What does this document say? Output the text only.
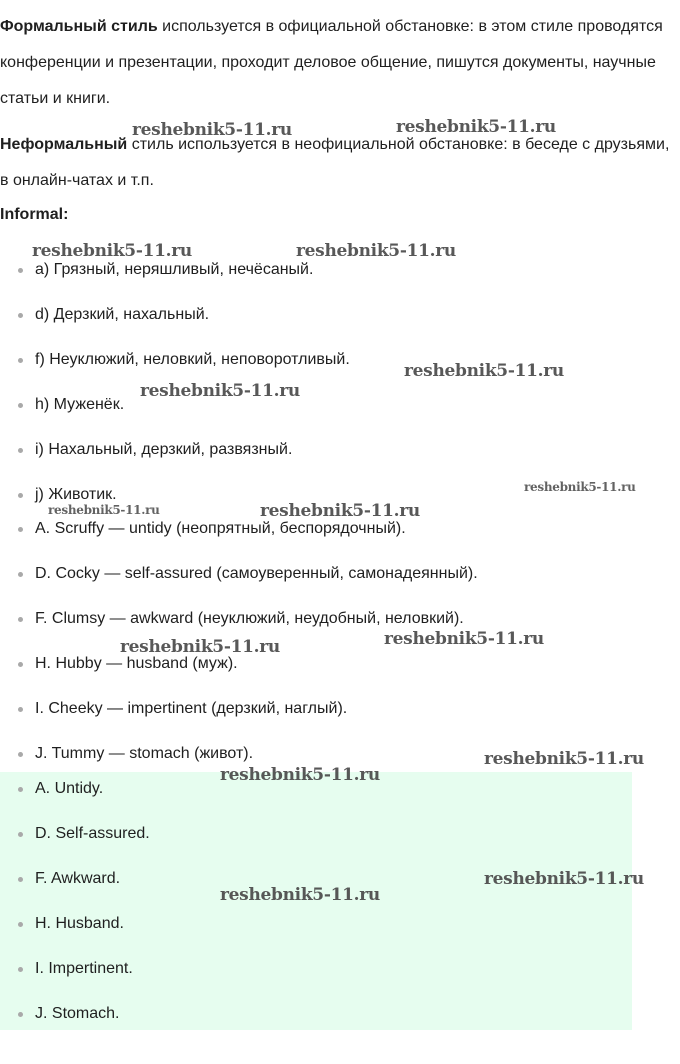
Формальный стиль используется в официальной обстановке: в этом стиле проводятся конференции и презентации, проходит деловое общение, пишутся документы, научные статьи и книги.

Неформальный стиль используется в неофициальной обстановке: в беседе с друзьями, в онлайн-чатах и т.п.

Informal:
a) Грязный, неряшливый, нечёсаный.
d) Дерзкий, нахальный.
f) Неуклюжий, неловкий, неповоротливый.
h) Муженёк.
i) Нахальный, дерзкий, развязный.
j) Животик.
A. Scruffy — untidy (неопрятный, беспорядочный).
D. Cocky — self-assured (самоуверенный, самонадеянный).
F. Clumsy — awkward (неуклюжий, неудобный, неловкий).
H. Hubby — husband (муж).
I. Cheeky — impertinent (дерзкий, наглый).
J. Tummy — stomach (живот).
A. Untidy.
D. Self-assured.
F. Awkward.
H. Husband.
I. Impertinent.
J. Stomach.
reshebnik5-11.ru	reshebnik5-11.ru
reshebnik5-11.ru	reshebnik5-11.ru
reshebnik5-11.ru
reshebnik5-11.ru
reshebnik5-11.ru
reshebnik5-11.ru	reshebnik5-11.ru
reshebnik5-11.ru	reshebnik5-11.ru
reshebnik5-11.ru
reshebnik5-11.ru
reshebnik5-11.ru
reshebnik5-11.ru
